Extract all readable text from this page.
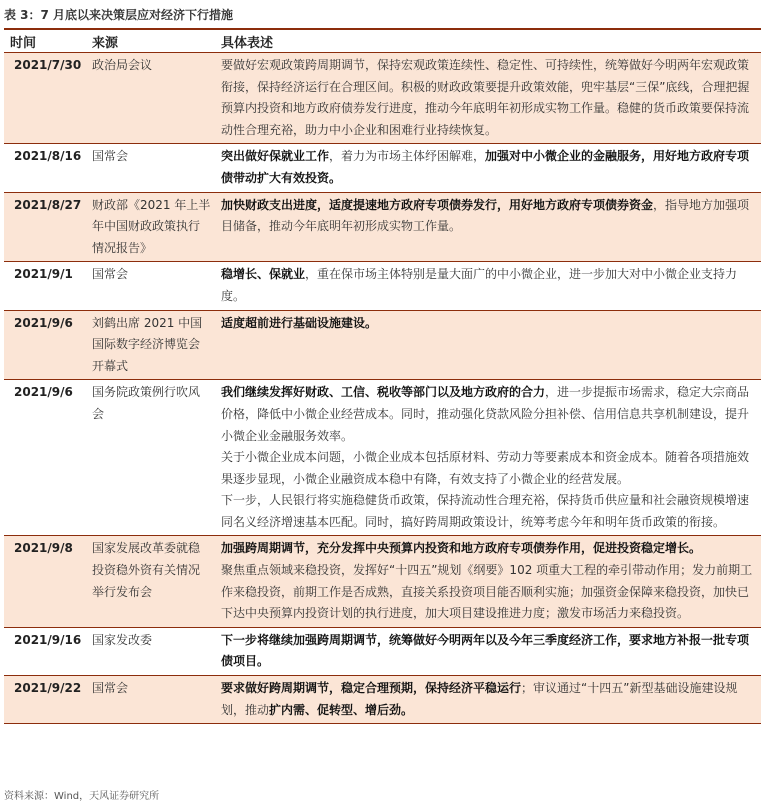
表 3：7 月底以来决策层应对经济下行措施
时间	来源	具体表述
2021/7/30	政治局会议	要做好宏观政策跨周期调节，保持宏观政策连续性、稳定性、可持续性，统筹做好今明两年宏观政策衔接，保持经济运行在合理区间。积极的财政政策要提升政策效能，兜牢基层“三保”底线，合理把握预算内投资和地方政府债券发行进度，推动今年底明年初形成实物工作量。稳健的货币政策要保持流动性合理充裕，助力中小企业和困难行业持续恢复。

2021/8/16	国常会	突出做好保就业工作，着力为市场主体纾困解难，加强对中小微企业的金融服务，用好地方政府专项债带动扩大有效投资。

2021/8/27	财政部《2021 年上半年中国财政政策执行情况报告》	加快财政支出进度，适度提速地方政府专项债券发行，用好地方政府专项债券资金，指导地方加强项目储备，推动今年底明年初形成实物工作量。

2021/9/1	国常会	稳增长、保就业，重在保市场主体特别是量大面广的中小微企业，进一步加大对中小微企业支持力度。

2021/9/6	刘鹤出席 2021 中国国际数字经济博览会开幕式	适度超前进行基础设施建设。

2021/9/6	国务院政策例行吹风会	我们继续发挥好财政、工信、税收等部门以及地方政府的合力，进一步提振市场需求，稳定大宗商品价格，降低中小微企业经营成本。同时，推动强化贷款风险分担补偿、信用信息共享机制建设，提升小微企业金融服务效率。

关于小微企业成本问题，小微企业成本包括原材料、劳动力等要素成本和资金成本。随着各项措施效果逐步显现，小微企业融资成本稳中有降，有效支持了小微企业的经营发展。

下一步，人民银行将实施稳健货币政策，保持流动性合理充裕，保持货币供应量和社会融资规模增速同名义经济增速基本匹配。同时，搞好跨周期政策设计，统筹考虑今年和明年货币政策的衔接。

2021/9/8	国家发展改革委就稳投资稳外资有关情况举行发布会	加强跨周期调节，充分发挥中央预算内投资和地方政府专项债券作用，促进投资稳定增长。

聚焦重点领域来稳投资，发挥好“十四五”规划《纲要》102 项重大工程的牵引带动作用；发力前期工作来稳投资，前期工作是否成熟，直接关系投资项目能否顺利实施；加强资金保障来稳投资，加快已下达中央预算内投资计划的执行进度，加大项目建设推进力度；激发市场活力来稳投资。

2021/9/16	国家发改委	下一步将继续加强跨周期调节，统筹做好今明两年以及今年三季度经济工作，要求地方补报一批专项债项目。

2021/9/22	国常会	要求做好跨周期调节，稳定合理预期，保持经济平稳运行；审议通过“十四五”新型基础设施建设规划，推动扩内需、促转型、增后劲。

资料来源：Wind，天风证券研究所
